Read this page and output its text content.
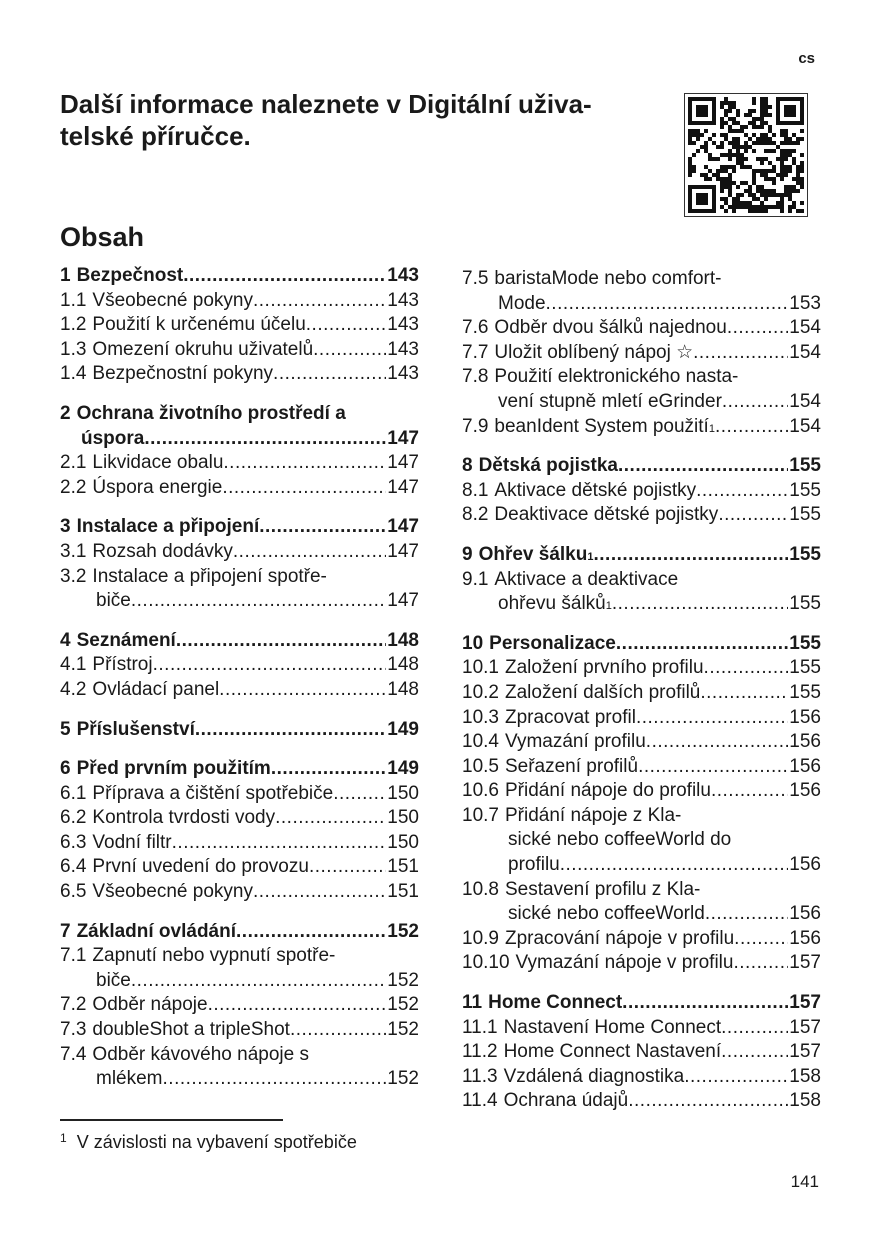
cs
Další informace naleznete v Digitální uživa-
telské příručce.
Obsah
1 Bezpečnost .....	143
1.1 Všeobecné pokyny .....	143
1.2 Použití k určenému účelu .....	143
1.3 Omezení okruhu uživatelů .....	143
1.4 Bezpečnostní pokyny .....	143
2 Ochrana životního prostředí a
úspora .....	147
2.1 Likvidace obalu .....	147
2.2 Úspora energie .....	147
3 Instalace a připojení .....	147
3.1 Rozsah dodávky .....	147
3.2 Instalace a připojení spotře-
biče .....	147
4 Seznámení .....	148
4.1 Přístroj .....	148
4.2 Ovládací panel .....	148
5 Příslušenství .....	149
6 Před prvním použitím .....	149
6.1 Příprava a čištění spotřebiče .....	150
6.2 Kontrola tvrdosti vody .....	150
6.3 Vodní filtr .....	150
6.4 První uvedení do provozu .....	151
6.5 Všeobecné pokyny .....	151
7 Základní ovládání .....	152
7.1 Zapnutí nebo vypnutí spotře-
biče .....	152
7.2 Odběr nápoje .....	152
7.3 doubleShot a tripleShot .....	152
7.4 Odběr kávového nápoje s
mlékem .....	152
7.5 baristaMode nebo comfort-
Mode .....	153
7.6 Odběr dvou šálků najednou .....	154
7.7 Uložit oblíbený nápoj ☆ .....	154
7.8 Použití elektronického nasta-
vení stupně mletí eGrinder .....	154
7.9 beanIdent System použití 1 .....	154
8 Dětská pojistka .....	155
8.1 Aktivace dětské pojistky .....	155
8.2 Deaktivace dětské pojistky .....	155
9 Ohřev šálku 1 .....	155
9.1 Aktivace a deaktivace
ohřevu šálků 1 .....	155
10 Personalizace .....	155
10.1 Založení prvního profilu .....	155
10.2 Založení dalších profilů .....	155
10.3 Zpracovat profil .....	156
10.4 Vymazání profilu .....	156
10.5 Seřazení profilů .....	156
10.6 Přidání nápoje do profilu .....	156
10.7 Přidání nápoje z Kla-
sické nebo coffeeWorld do
profilu .....	156
10.8 Sestavení profilu z Kla-
sické nebo coffeeWorld .....	156
10.9 Zpracování nápoje v profilu .....	156
10.10 Vymazání nápoje v profilu .....	157
11 Home Connect .....	157
11.1 Nastavení Home Connect .....	157
11.2 Home Connect Nastavení .....	157
11.3 Vzdálená diagnostika .....	158
11.4 Ochrana údajů .....	158
$^1$ V závislosti na vybavení spotřebiče
141
